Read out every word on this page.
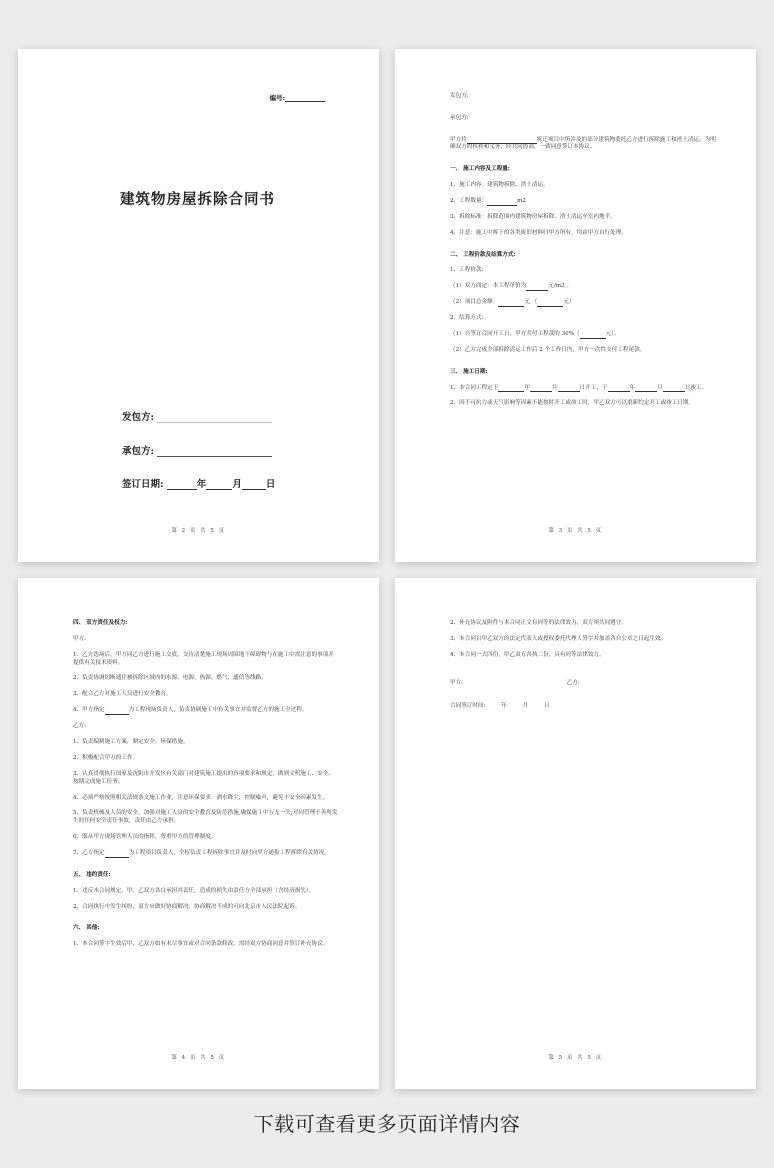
编号:
建筑物房屋拆除合同书
发包方:
承包方:
签订日期:	年	月	日
第 2 页 共 5 页

发包方:

承包方:

甲方将	拆迁项目中所涉及的部分建筑物委托乙方进行拆除施工和渣土清运。为明确双方的权利和义务，经共同协商，一致同意签订本协议。

一、 施工内容及工程量:

1、施工内容：建筑物拆除、渣土清运。

2、工程数量：	m2

3、拆除标准：拆除范围内建筑物房屋拆除、渣土清运至室内地平。

4、注意：施工中拆下的各类废旧材料归甲方所有，均由甲方自行处理。

二、 工程价款及结算方式:

1、工程价款:

（1）双方商定：本工程单价为	元/m2 。

（2）项目总金额：	元 （	元）

2、结算方式:

（1）自签订合同开工日，甲方共付工程款的 30%（	元）。

（2）乙方完成全部拆除清运工作后 2 个工作日内，甲方一次性支付工程尾款。

三、 施工日期:

1、本合同工程定于	年	月	日开工，于	年	月	日竣工。

2、因不可抗力或天气影响等因素不能按时开工或竣工时，甲乙双方可以重新约定开工或竣工日期。

第 3 页 共 5 页

四、 双方责任及权力:

甲方:

1、乙方选场后，甲方同乙方进行施工交底，交待清楚施工现场周围地下障碍物与在施工中需注意的事项并提供有关技术资料。

2、负责协调切断通往被拆除区域内的水源、电源、热源、燃气、通信等线路。

3、配合乙方对施工人员进行安全教育。

4、甲方指定	为工程现场负责人，负责协调施工中有关事宜并监督乙方的施工全过程。

乙方:

1、负责编制施工方案，制定安全、环保措施。

2、积极配合甲方的工作。

3、认真贯彻执行国家及沈阳市开发区有关部门对建筑施工提出的各项要求和规定，做到文明施工、安全、按期完成施工任务。

4、必须严格按照相关法规条文施工作业，注意环保要求：洒水降尘，控制噪声，避免不安全因素发生。

5、负责机械及人员的安全，加强对施工人员的安全教育及防范措施,确保施工中万无一失;对因管理不善所发生的任何安全责任事故，责任由乙方承担。

6、服从甲方现场管理人员的指挥，尊重甲方的管理制度。

7、乙方指定	为工程项目负责人，全权负责工程拆除事宜并及时向甲方通报工程拆除有关情况。

五、 违约责任:

1、违反本合同规定，甲、乙双方各自承担其责任，造成的损失由责任方全部承担（含经济损失）。

2、合同执行中发生纠纷，双方应做好协商解决，协商解决不成的可向北京市人民法院起诉。

六、 其他:

1、本合同签字生效后甲、乙双方如有未尽事宜或对合同条款修改，需经双方协商同意并签订补充协议。

第 4 页 共 5 页

2、补充协议及附件与本合同正文有同等的法律效力，双方须共同遵守。

3、本合同自甲乙双方的法定代表人或授权委托代理人签字并加盖各自公章之日起生效。

4、本合同一式四份，甲乙双方各执二份，具有同等法律效力。

甲方:	乙方:

合同签订时间:	年	月	日

第 5 页 共 5 页
下载可查看更多页面详情内容
